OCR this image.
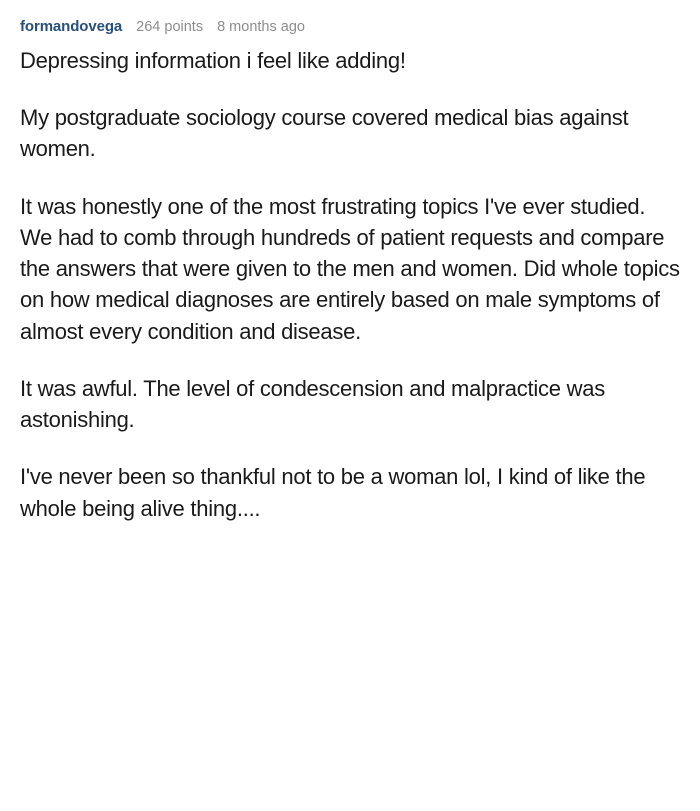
formandovega 264 points 8 months ago

Depressing information i feel like adding!

My postgraduate sociology course covered medical bias against women.

It was honestly one of the most frustrating topics I've ever studied. We had to comb through hundreds of patient requests and compare the answers that were given to the men and women. Did whole topics on how medical diagnoses are entirely based on male symptoms of almost every condition and disease.

It was awful. The level of condescension and malpractice was astonishing.

I've never been so thankful not to be a woman lol, I kind of like the whole being alive thing....
